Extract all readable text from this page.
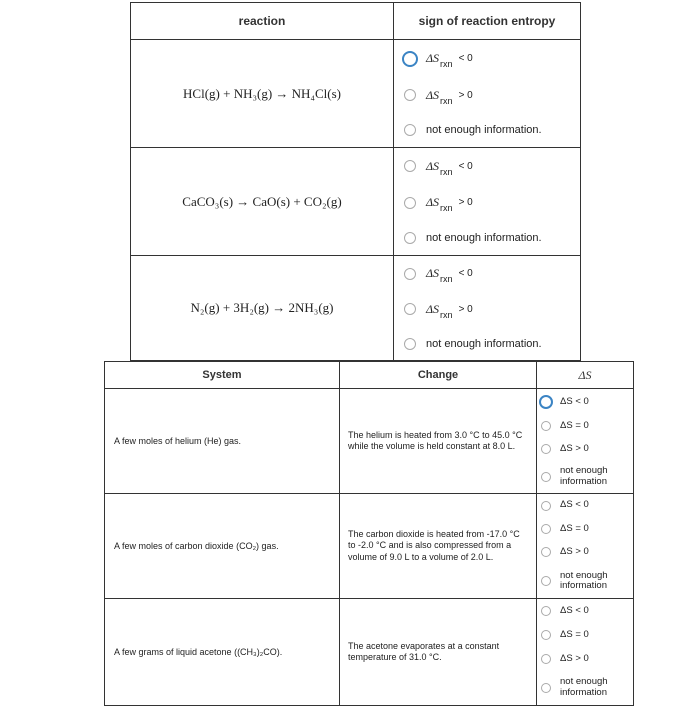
reaction	sign of reaction entropy
HCl(g) + NH₃(g) → NH₄Cl(s)	$\Delta S_{rxn} < 0$
$\Delta S_{rxn} > 0$
not enough information.

CaCO₃(s) → CaO(s) + CO₂(g)	$\Delta S_{rxn} < 0$
$\Delta S_{rxn} > 0$
not enough information.

N₂(g) + 3H₂(g) → 2NH₃(g)	$\Delta S_{rxn} < 0$
$\Delta S_{rxn} > 0$
not enough information.
System	Change	ΔS
A few moles of helium (He) gas.	The helium is heated from 3.0 °C to 45.0 °C while the volume is held constant at 8.0 L.	ΔS < 0
ΔS = 0
ΔS > 0
not enough information

A few moles of carbon dioxide (CO₂) gas.	The carbon dioxide is heated from -17.0 °C to -2.0 °C and is also compressed from a volume of 9.0 L to a volume of 2.0 L.	ΔS < 0
ΔS = 0
ΔS > 0
not enough information

A few grams of liquid acetone ((CH₃)₂CO).	The acetone evaporates at a constant temperature of 31.0 °C.	ΔS < 0
ΔS = 0
ΔS > 0
not enough information
